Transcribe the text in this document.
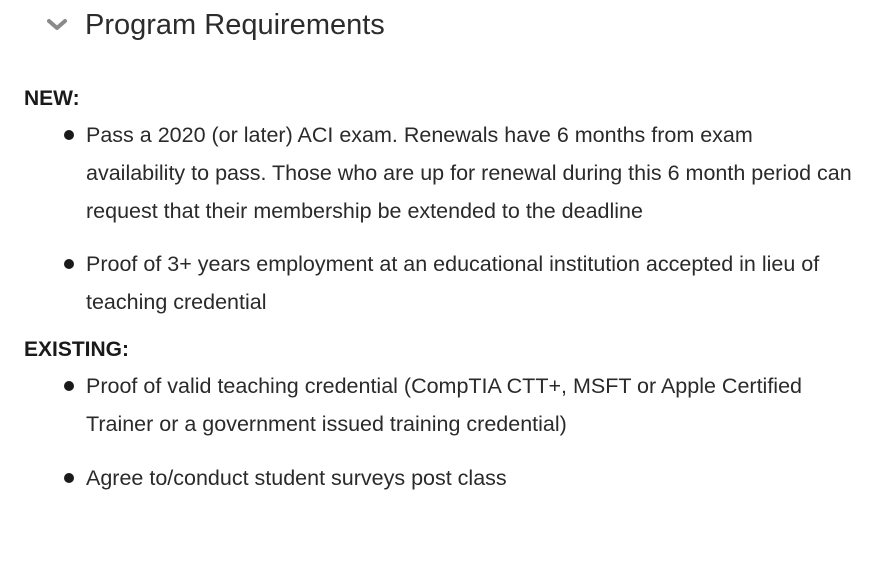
Program Requirements

NEW:

Pass a 2020 (or later) ACI exam. Renewals have 6 months from exam availability to pass. Those who are up for renewal during this 6 month period can request that their membership be extended to the deadline
Proof of 3+ years employment at an educational institution accepted in lieu of teaching credential

EXISTING:

Proof of valid teaching credential (CompTIA CTT+, MSFT or Apple Certified Trainer or a government issued training credential)
Agree to/conduct student surveys post class
